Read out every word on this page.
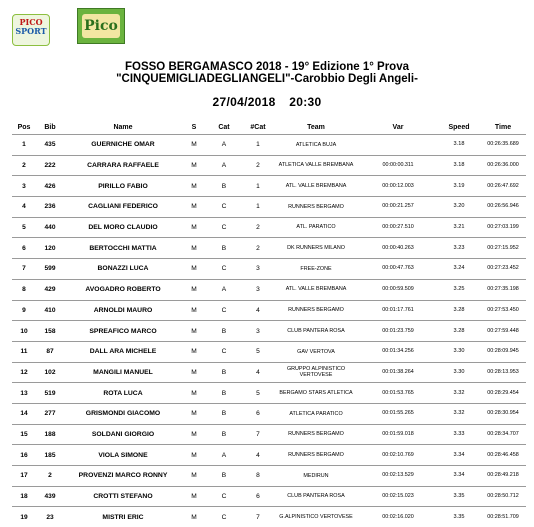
PICO
SPORT	Pico
FOSSO BERGAMASCO 2018 - 19° Edizione 1° Prova
"CINQUEMIGLIADEGLIANGELI"-Carobbio Degli Angeli-
27/04/2018 20:30
Pos	Bib	Name	S	Cat	#Cat	Team	Var	Speed	Time
1	435	GUERNICHE OMAR	M	A	1	ATLETICA BUJA		3.18	00:26:35.689
2	222	CARRARA RAFFAELE	M	A	2	ATLETICA VALLE BREMBANA	00:00:00.311	3.18	00:26:36.000
3	426	PIRILLO FABIO	M	B	1	ATL. VALLE BREMBANA	00:00:12.003	3.19	00:26:47.692
4	236	CAGLIANI FEDERICO	M	C	1	RUNNERS BERGAMO	00:00:21.257	3.20	00:26:56.946
5	440	DEL MORO CLAUDIO	M	C	2	ATL. PARATICO	00:00:27.510	3.21	00:27:03.199
6	120	BERTOCCHI MATTIA	M	B	2	DK RUNNERS MILANO	00:00:40.263	3.23	00:27:15.952
7	599	BONAZZI LUCA	M	C	3	FREE-ZONE	00:00:47.763	3.24	00:27:23.452
8	429	AVOGADRO ROBERTO	M	A	3	ATL. VALLE BREMBANA	00:00:59.509	3.25	00:27:35.198
9	410	ARNOLDI MAURO	M	C	4	RUNNERS BERGAMO	00:01:17.761	3.28	00:27:53.450
10	158	SPREAFICO MARCO	M	B	3	CLUB PANTERA ROSA	00:01:23.759	3.28	00:27:59.448
11	87	DALL ARA MICHELE	M	C	5	GAV VERTOVA	00:01:34.256	3.30	00:28:09.945
12	102	MANGILI MANUEL	M	B	4	GRUPPO ALPINISTICO VERTOVESE	00:01:38.264	3.30	00:28:13.953
13	519	ROTA LUCA	M	B	5	BERGAMO STARS ATLETICA	00:01:53.765	3.32	00:28:29.454
14	277	GRISMONDI GIACOMO	M	B	6	ATLETICA PARATICO	00:01:55.265	3.32	00:28:30.954
15	188	SOLDANI GIORGIO	M	B	7	RUNNERS BERGAMO	00:01:59.018	3.33	00:28:34.707
16	185	VIOLA SIMONE	M	A	4	RUNNERS BERGAMO	00:02:10.769	3.34	00:28:46.458
17	2	PROVENZI MARCO RONNY	M	B	8	MEDIRUN	00:02:13.529	3.34	00:28:49.218
18	439	CROTTI STEFANO	M	C	6	CLUB PANTERA ROSA	00:02:15.023	3.35	00:28:50.712
19	23	MISTRI ERIC	M	C	7	G.ALPINISTICO VERTOVESE	00:02:16.020	3.35	00:28:51.709
